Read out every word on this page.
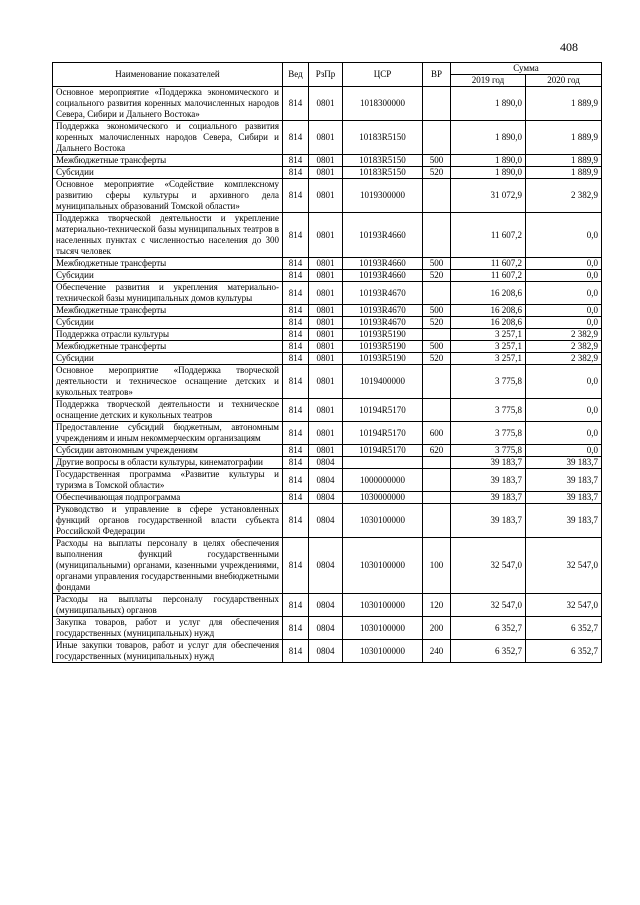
408
Наименование показателей	Вед	РзПр	ЦСР	ВР	Сумма	
					2019 год	2020 год
Основное мероприятие «Поддержка экономического и социального развития коренных малочисленных народов Севера, Сибири и Дальнего Востока»	814	0801	1018300000		1 890,0	1 889,9
Поддержка экономического и социального развития коренных малочисленных народов Севера, Сибири и Дальнего Востока	814	0801	10183R5150		1 890,0	1 889,9
Межбюджетные трансферты	814	0801	10183R5150	500	1 890,0	1 889,9
Субсидии	814	0801	10183R5150	520	1 890,0	1 889,9
Основное мероприятие «Содействие комплексному развитию сферы культуры и архивного дела муниципальных образований Томской области»	814	0801	1019300000		31 072,9	2 382,9
Поддержка творческой деятельности и укрепление материально-технической базы муниципальных театров в населенных пунктах с численностью населения до 300 тысяч человек	814	0801	10193R4660		11 607,2	0,0
Межбюджетные трансферты	814	0801	10193R4660	500	11 607,2	0,0
Субсидии	814	0801	10193R4660	520	11 607,2	0,0
Обеспечение развития и укрепления материально-технической базы муниципальных домов культуры	814	0801	10193R4670		16 208,6	0,0
Межбюджетные трансферты	814	0801	10193R4670	500	16 208,6	0,0
Субсидии	814	0801	10193R4670	520	16 208,6	0,0
Поддержка отрасли культуры	814	0801	10193R5190		3 257,1	2 382,9
Межбюджетные трансферты	814	0801	10193R5190	500	3 257,1	2 382,9
Субсидии	814	0801	10193R5190	520	3 257,1	2 382,9
Основное мероприятие «Поддержка творческой деятельности и техническое оснащение детских и кукольных театров»	814	0801	1019400000		3 775,8	0,0
Поддержка творческой деятельности и техническое оснащение детских и кукольных театров	814	0801	10194R5170		3 775,8	0,0
Предоставление субсидий бюджетным, автономным учреждениям и иным некоммерческим организациям	814	0801	10194R5170	600	3 775,8	0,0
Субсидии автономным учреждениям	814	0801	10194R5170	620	3 775,8	0,0
Другие вопросы в области культуры, кинематографии	814	0804			39 183,7	39 183,7
Государственная программа «Развитие культуры и туризма в Томской области»	814	0804	1000000000		39 183,7	39 183,7
Обеспечивающая подпрограмма	814	0804	1030000000		39 183,7	39 183,7
Руководство и управление в сфере установленных функций органов государственной власти субъекта Российской Федерации	814	0804	1030100000		39 183,7	39 183,7
Расходы на выплаты персоналу в целях обеспечения выполнения функций государственными (муниципальными) органами, казенными учреждениями, органами управления государственными внебюджетными фондами	814	0804	1030100000	100	32 547,0	32 547,0
Расходы на выплаты персоналу государственных (муниципальных) органов	814	0804	1030100000	120	32 547,0	32 547,0
Закупка товаров, работ и услуг для обеспечения государственных (муниципальных) нужд	814	0804	1030100000	200	6 352,7	6 352,7
Иные закупки товаров, работ и услуг для обеспечения государственных (муниципальных) нужд	814	0804	1030100000	240	6 352,7	6 352,7
